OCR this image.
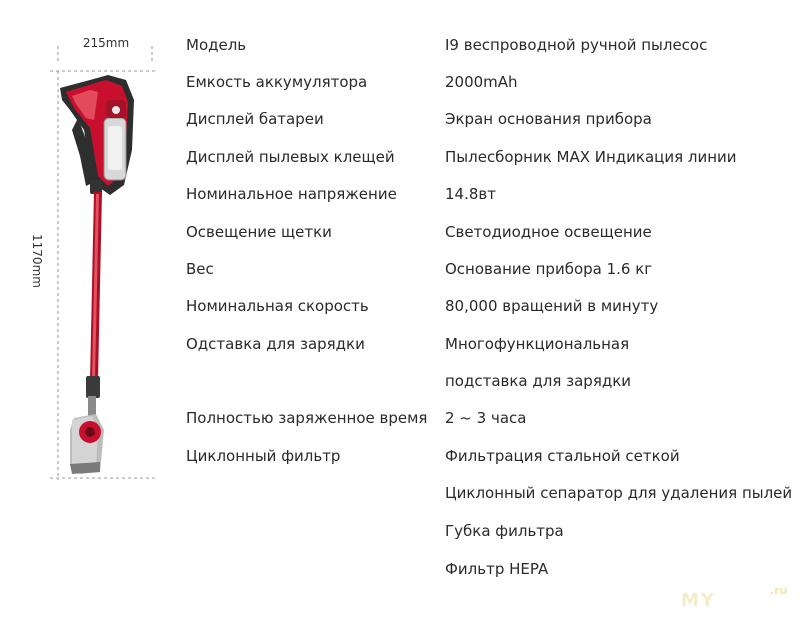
215mm
1170mm
Модель	I9 веспроводной ручной пылесос
Емкость аккумулятора	2000mAh
Дисплей батареи	Экран основания прибора
Дисплей пылевых клещей	Пылесборник MAX Индикация линии
Номинальное напряжение	14.8вт
Освещение щетки	Светодиодное освещение
Вес	Основание прибора 1.6 кг
Номинальная скорость	80,000 вращений в минуту
Одставка для зарядки	Многофункциональная
подставка для зарядки
Полностью заряженное время 2 ~ 3 часа
Циклонный фильтр	Фильтрация стальной сеткой
Циклонный сепаратор для удаления пылей
Губка фильтра
Фильтр HEPA
MY	.ru
